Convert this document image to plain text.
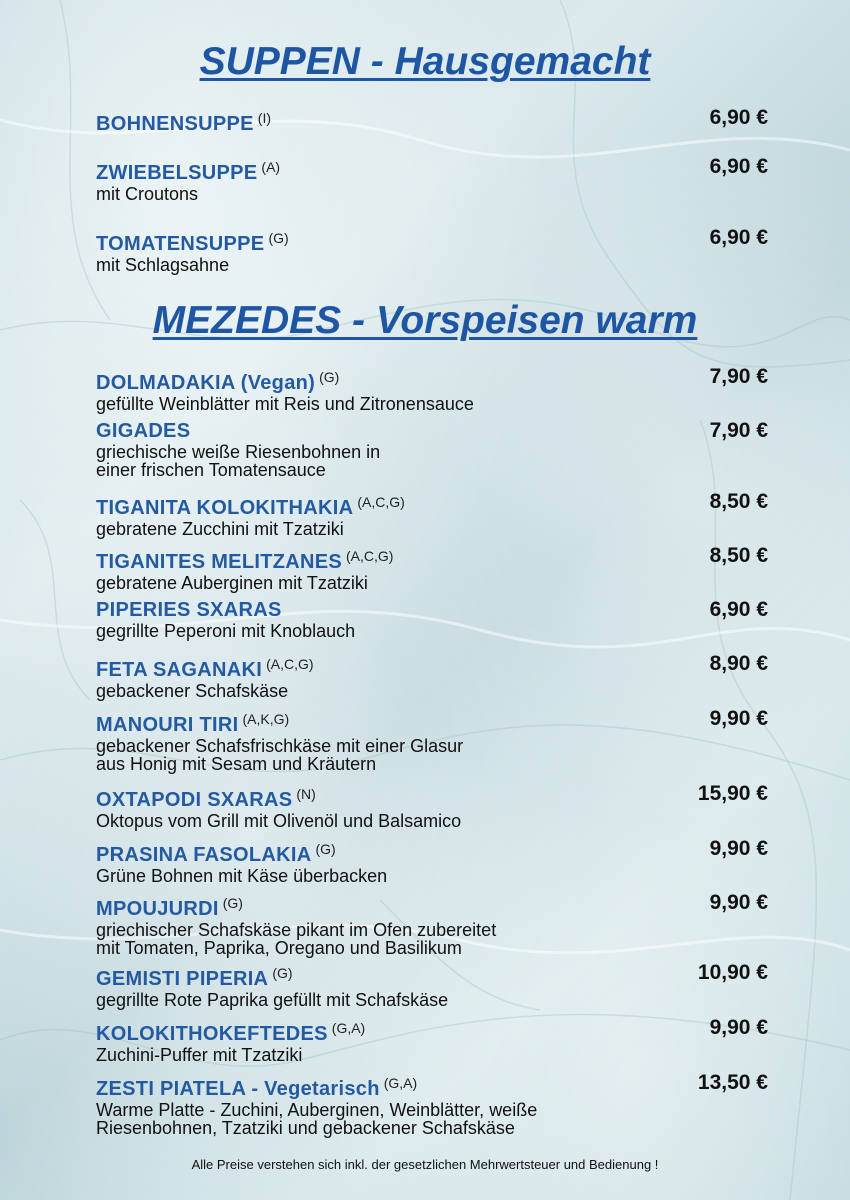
SUPPEN - Hausgemacht
MEZEDES - Vorspeisen warm
Alle Preise verstehen sich inkl. der gesetzlichen Mehrwertsteuer und Bedienung !
BOHNENSUPPE $^{(I)}$	6,90 €
ZWIEBELSUPPE $^{(A)}$
mit Croutons
6,90 €
TOMATENSUPPE $^{(G)}$
mit Schlagsahne
6,90 €
DOLMADAKIA (Vegan) $^{(G)}$
gefüllte Weinblätter mit Reis und Zitronensauce
7,90 €
GIGADES
griechische weiße Riesenbohnen in
einer frischen Tomatensauce
7,90 €
TIGANITA KOLOKITHAKIA $^{(A,C,G)}$
gebratene Zucchini mit Tzatziki
8,50 €
TIGANITES MELITZANES $^{(A,C,G)}$
gebratene Auberginen mit Tzatziki
8,50 €
PIPERIES SXARAS
gegrillte Peperoni mit Knoblauch
6,90 €
FETA SAGANAKI $^{(A,C,G)}$
gebackener Schafskäse
8,90 €
MANOURI TIRI $^{(A,K,G)}$
gebackener Schafsfrischkäse mit einer Glasur
aus Honig mit Sesam und Kräutern
9,90 €
OXTAPODI SXARAS $^{(N)}$
Oktopus vom Grill mit Olivenöl und Balsamico
15,90 €
PRASINA FASOLAKIA $^{(G)}$
Grüne Bohnen mit Käse überbacken
9,90 €
MPOUJURDI $^{(G)}$
griechischer Schafskäse pikant im Ofen zubereitet
mit Tomaten, Paprika, Oregano und Basilikum
9,90 €
GEMISTI PIPERIA $^{(G)}$
gegrillte Rote Paprika gefüllt mit Schafskäse
10,90 €
KOLOKITHOKEFTEDES $^{(G,A)}$
Zuchini-Puffer mit Tzatziki
9,90 €
ZESTI PIATELA - Vegetarisch $^{(G,A)}$
Warme Platte - Zuchini, Auberginen, Weinblätter, weiße
Riesenbohnen, Tzatziki und gebackener Schafskäse
13,50 €
